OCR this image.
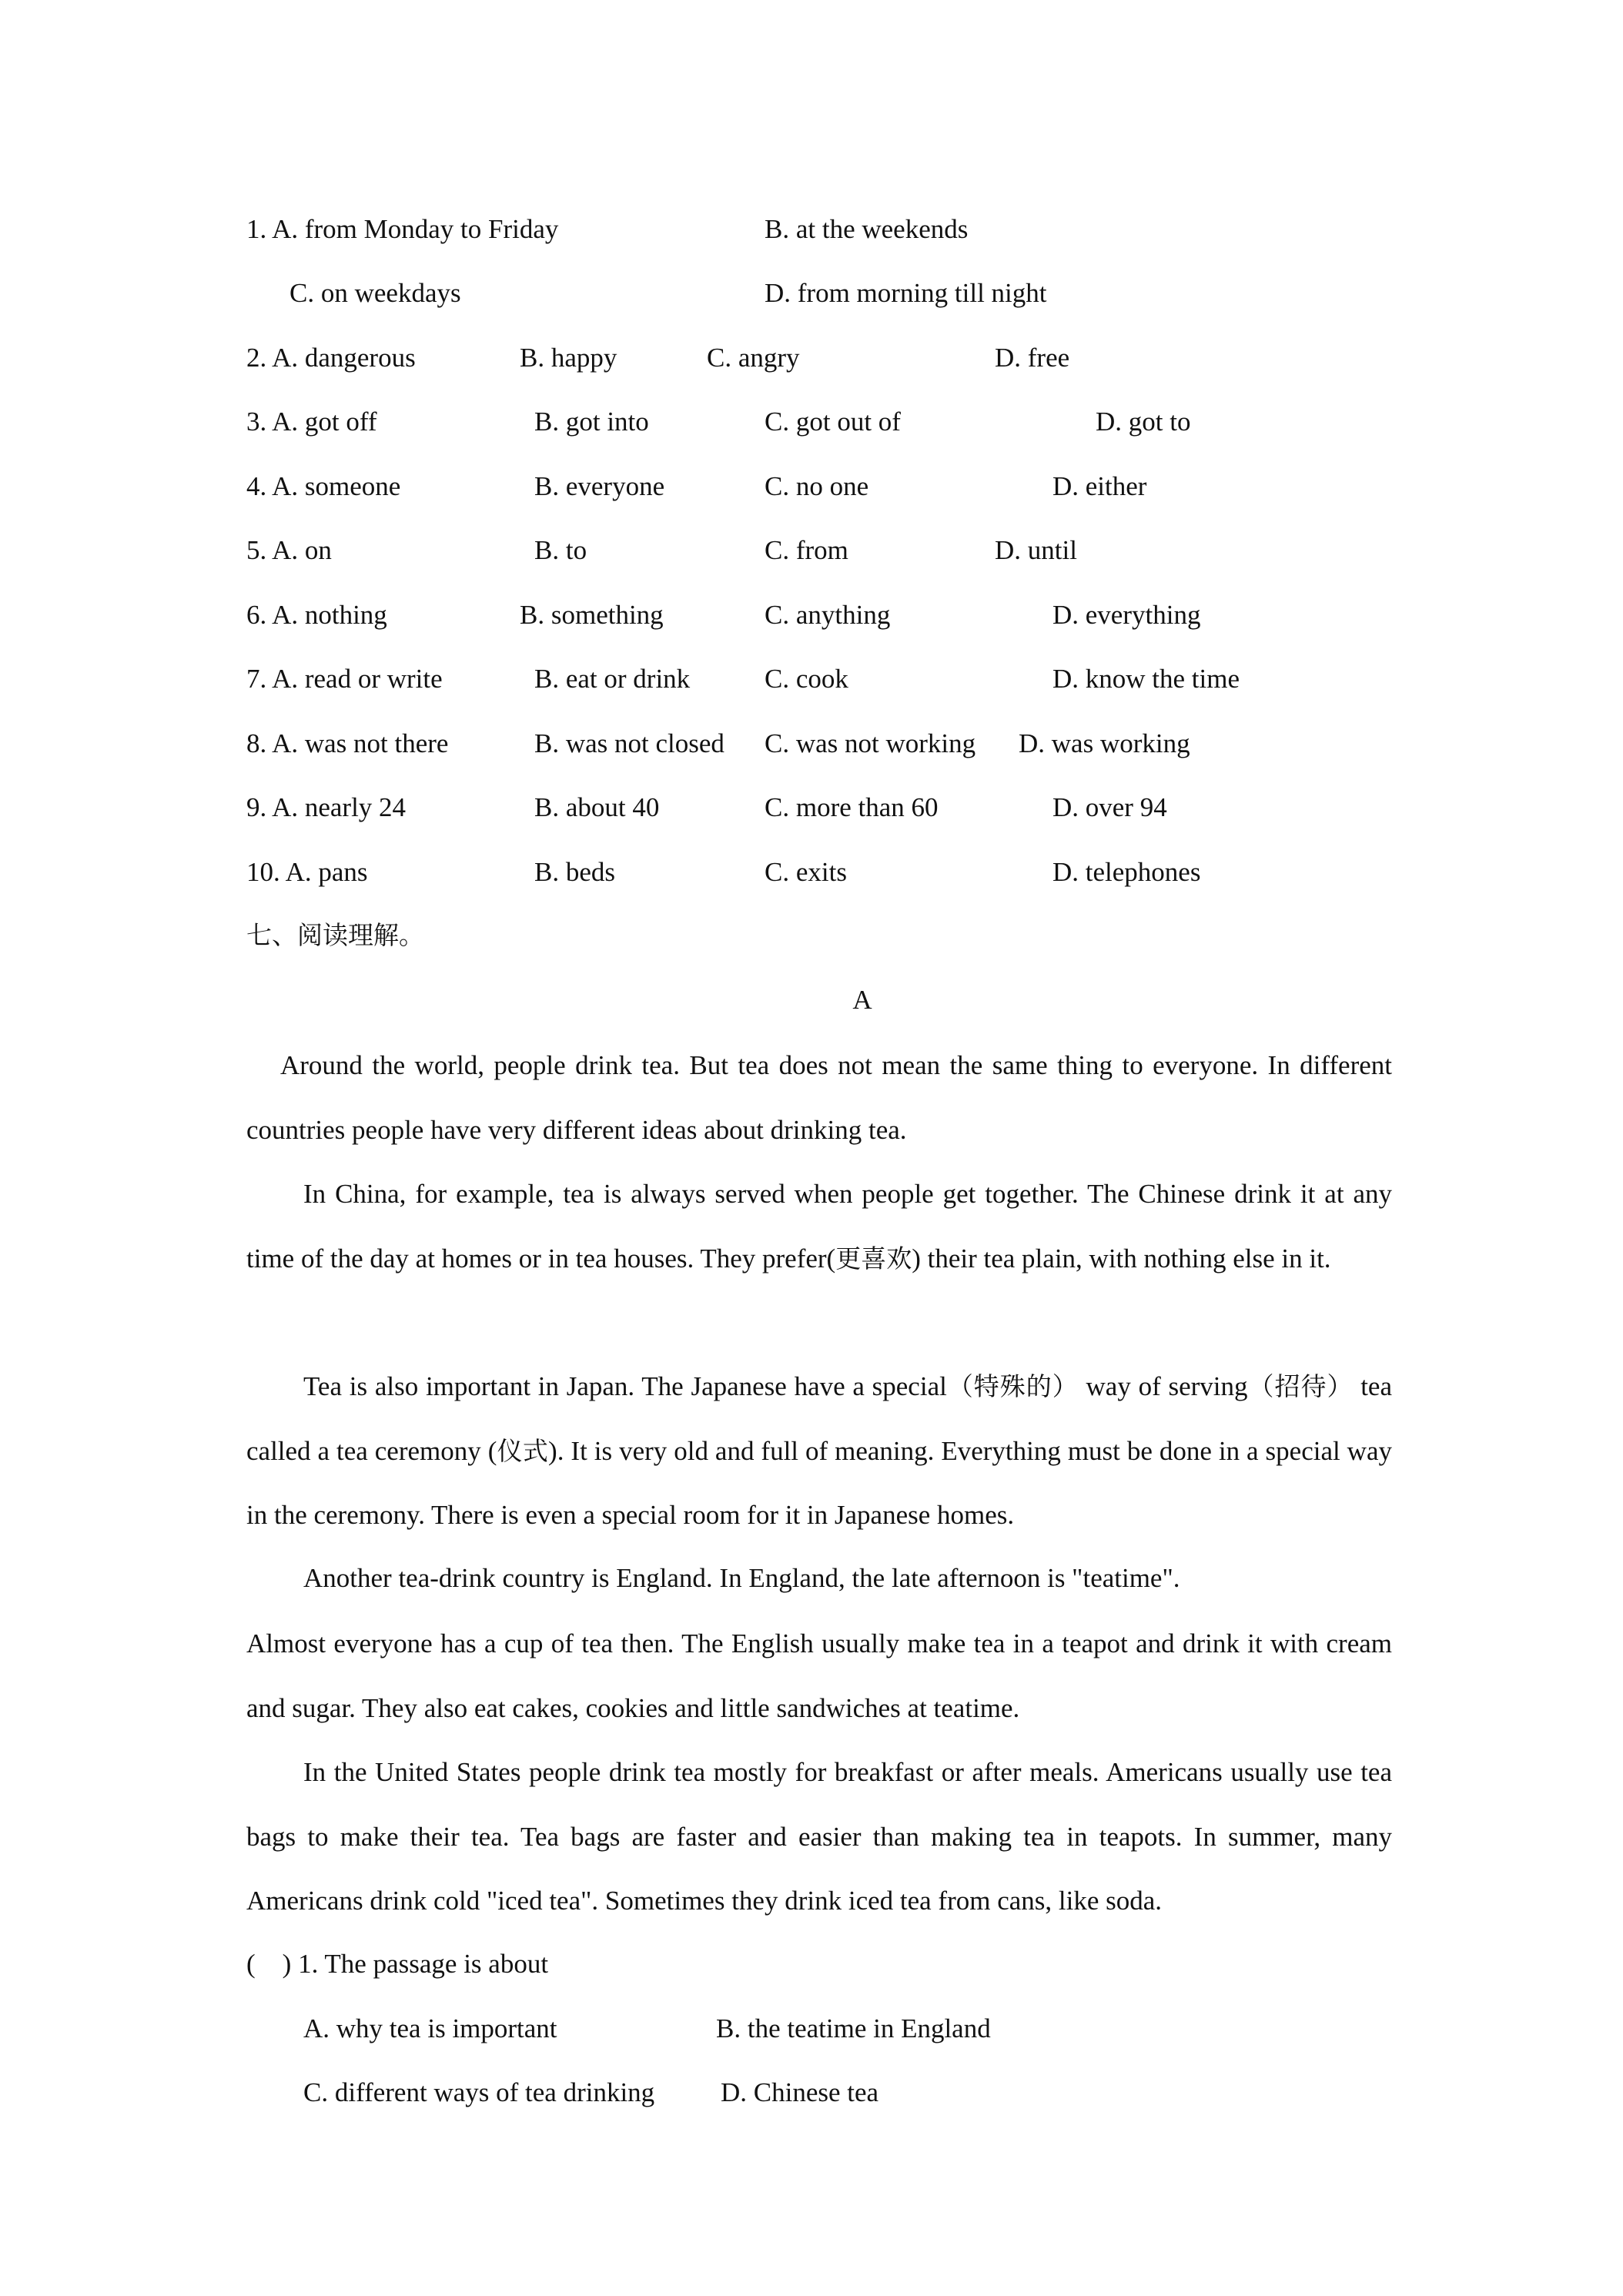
1. A. from Monday to Friday	B. at the weekends
C. on weekdays	D. from morning till night
2. A. dangerous	B. happy	C. angry	D. free
3. A. got off	B. got into	C. got out of	D. got to
4. A. someone	B. everyone	C. no one	D. either
5. A. on	B. to	C. from	D. until
6. A. nothing	B. something	C. anything	D. everything
7. A. read or write	B. eat or drink	C. cook	D. know the time
8. A. was not there	B. was not closed C. was not working D. was working
9. A. nearly 24	B. about 40	C. more than 60	D. over 94
10. A. pans	B. beds	C. exits	D. telephones
七、阅读理解。
A
Around the world, people drink tea. But tea does not mean the same thing to everyone. In different countries people have very different ideas about drinking tea.
In China, for example, tea is always served when people get together. The Chinese drink it at any time of the day at homes or in tea houses. They prefer(更喜欢) their tea plain, with nothing else in it.
Tea is also important in Japan. The Japanese have a special（特殊的） way of serving（招待） tea called a tea ceremony (仪式). It is very old and full of meaning. Everything must be done in a special way in the ceremony. There is even a special room for it in Japanese homes.
Another tea-drink country is England. In England, the late afternoon is "teatime".
Almost everyone has a cup of tea then. The English usually make tea in a teapot and drink it with cream and sugar. They also eat cakes, cookies and little sandwiches at teatime.
In the United States people drink tea mostly for breakfast or after meals. Americans usually use tea bags to make their tea. Tea bags are faster and easier than making tea in teapots. In summer, many Americans drink cold "iced tea". Sometimes they drink iced tea from cans, like soda.
(    ) 1. The passage is about
A. why tea is important	B. the teatime in England
C. different ways of tea drinking D. Chinese tea
